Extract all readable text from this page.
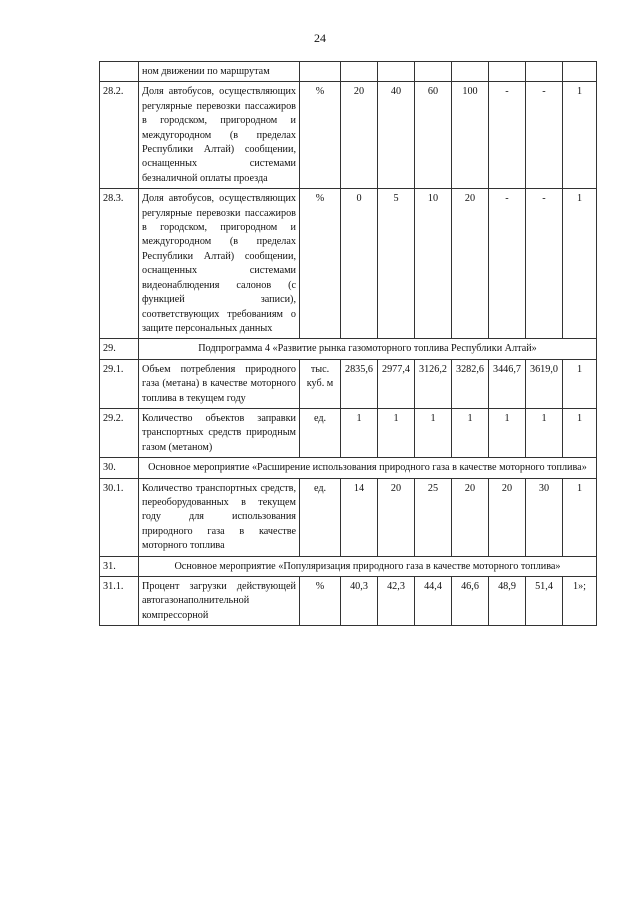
24
	ном движении по маршрутам								
28.2.	Доля автобусов, осуществляющих регулярные перевозки пассажиров в городском, пригородном и междугородном (в пределах Республики Алтай) сообщении, оснащенных системами безналичной оплаты проезда	%	20	40	60	100	-	-	1
28.3.	Доля автобусов, осуществляющих регулярные перевозки пассажиров в городском, пригородном и междугородном (в пределах Республики Алтай) сообщении, оснащенных системами видеонаблюдения салонов (с функцией записи), соответствующих требованиям о защите персональных данных	%	0	5	10	20	-	-	1
29.	Подпрограмма 4 «Развитие рынка газомоторного топлива Республики Алтай»								
29.1.	Объем потребления природного газа (метана) в качестве моторного топлива в текущем году	тыс. куб. м	2835,6	2977,4	3126,2	3282,6	3446,7	3619,0	1
29.2.	Количество объектов заправки транспортных средств природным газом (метаном)	ед.	1	1	1	1	1	1	1
30.	Основное мероприятие «Расширение использования природного газа в качестве моторного топлива»								
30.1.	Количество транспортных средств, переоборудованных в текущем году для использования природного газа в качестве моторного топлива	ед.	14	20	25	20	20	30	1
31.	Основное мероприятие «Популяризация природного газа в качестве моторного топлива»								
31.1.	Процент загрузки действующей автогазонаполнительной компрессорной	%	40,3	42,3	44,4	46,6	48,9	51,4	1»;
